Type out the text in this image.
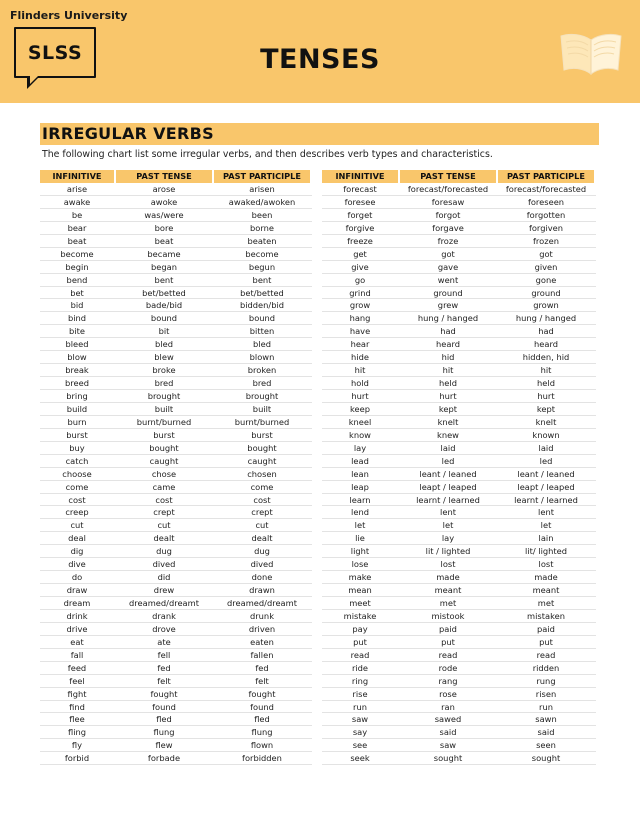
Flinders University
SLSS	TENSES
IRREGULAR VERBS
The following chart list some irregular verbs, and then describes verb types and characteristics.
INFINITIVE	PAST TENSE	PAST PARTICIPLE
arise	arose	arisen
awake	awoke	awaked/awoken
be	was/were	been
bear	bore	borne
beat	beat	beaten
become	became	become
begin	began	begun
bend	bent	bent
bet	bet/betted	bet/betted
bid	bade/bid	bidden/bid
bind	bound	bound
bite	bit	bitten
bleed	bled	bled
blow	blew	blown
break	broke	broken
breed	bred	bred
bring	brought	brought
build	built	built
burn	burnt/burned	burnt/burned
burst	burst	burst
buy	bought	bought
catch	caught	caught
choose	chose	chosen
come	came	come
cost	cost	cost
creep	crept	crept
cut	cut	cut
deal	dealt	dealt
dig	dug	dug
dive	dived	dived
do	did	done
draw	drew	drawn
dream	dreamed/dreamt	dreamed/dreamt
drink	drank	drunk
drive	drove	driven
eat	ate	eaten
fall	fell	fallen
feed	fed	fed
feel	felt	felt
fight	fought	fought
find	found	found
flee	fled	fled
fling	flung	flung
fly	flew	flown
forbid	forbade	forbidden
INFINITIVE	PAST TENSE	PAST PARTICIPLE
forecast	forecast/forecasted	forecast/forecasted
foresee	foresaw	foreseen
forget	forgot	forgotten
forgive	forgave	forgiven
freeze	froze	frozen
get	got	got
give	gave	given
go	went	gone
grind	ground	ground
grow	grew	grown
hang	hung / hanged	hung / hanged
have	had	had
hear	heard	heard
hide	hid	hidden, hid
hit	hit	hit
hold	held	held
hurt	hurt	hurt
keep	kept	kept
kneel	knelt	knelt
know	knew	known
lay	laid	laid
lead	led	led
lean	leant / leaned	leant / leaned
leap	leapt / leaped	leapt / leaped
learn	learnt / learned	learnt / learned
lend	lent	lent
let	let	let
lie	lay	lain
light	lit / lighted	lit/ lighted
lose	lost	lost
make	made	made
mean	meant	meant
meet	met	met
mistake	mistook	mistaken
pay	paid	paid
put	put	put
read	read	read
ride	rode	ridden
ring	rang	rung
rise	rose	risen
run	ran	run
saw	sawed	sawn
say	said	said
see	saw	seen
seek	sought	sought
